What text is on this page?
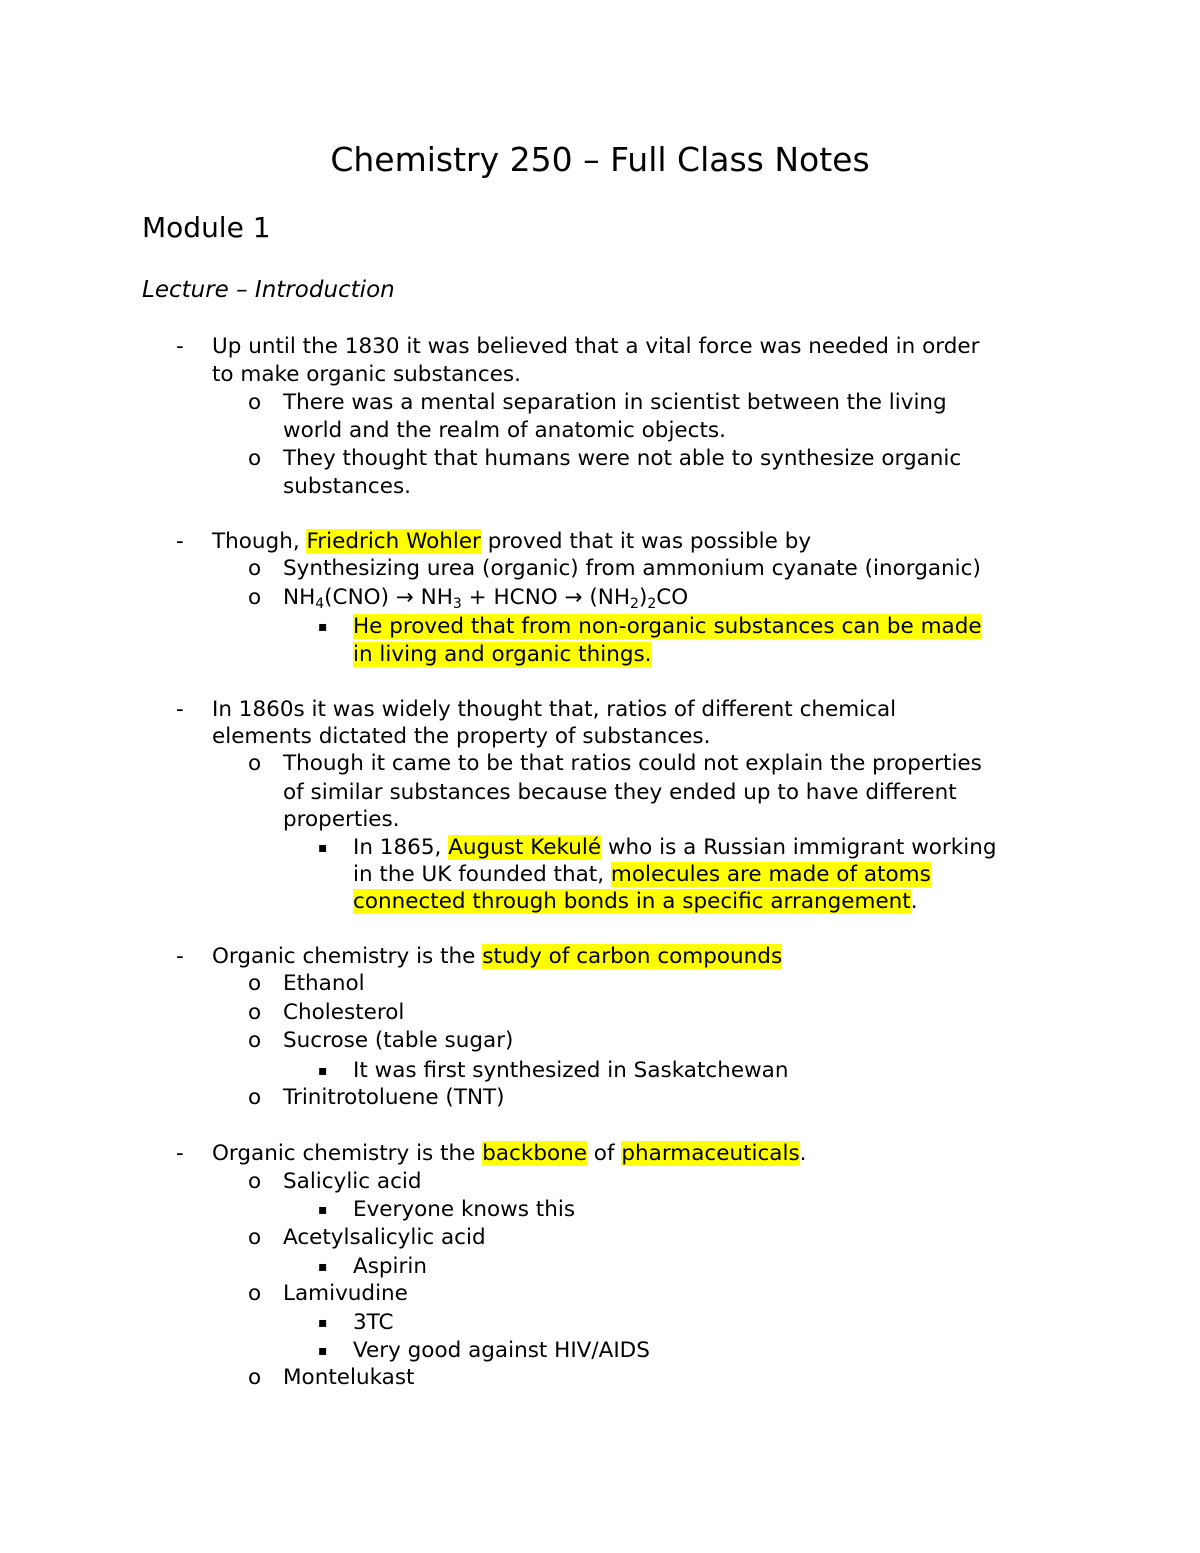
Chemistry 250 – Full Class Notes
Module 1
Lecture – Introduction
- Up until the 1830 it was believed that a vital force was needed in order
to make organic substances.
o There was a mental separation in scientist between the living
world and the realm of anatomic objects.
o They thought that humans were not able to synthesize organic
substances.
- Though, Friedrich Wohler proved that it was possible by
o Synthesizing urea (organic) from ammonium cyanate (inorganic)
o $NH_4(CNO) \to NH_3$ + HCNO → $(NH_2)_2CO$
▪ He proved that from non-organic substances can be made
in living and organic things.
- In 1860s it was widely thought that, ratios of different chemical
elements dictated the property of substances.
o Though it came to be that ratios could not explain the properties
of similar substances because they ended up to have different
properties.
▪ In 1865, August Kekulé who is a Russian immigrant working
in the UK founded that, molecules are made of atoms
connected through bonds in a specific arrangement.
- Organic chemistry is the study of carbon compounds
o Ethanol
o Cholesterol
o Sucrose (table sugar)
▪ It was first synthesized in Saskatchewan
o Trinitrotoluene (TNT)
- Organic chemistry is the backbone of pharmaceuticals.
o Salicylic acid
▪ Everyone knows this
o Acetylsalicylic acid
▪ Aspirin
o Lamivudine
▪ 3TC
▪ Very good against HIV/AIDS
o Montelukast
